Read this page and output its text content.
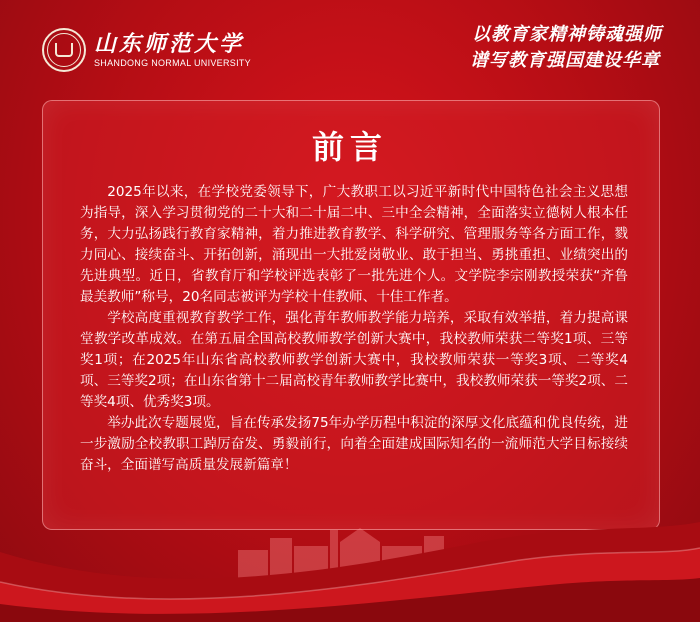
山东师范大学
SHANDONG NORMAL UNIVERSITY
以教育家精神铸魂强师
谱写教育强国建设华章
前言

2025年以来，在学校党委领导下，广大教职工以习近平新时代中国特色社会主义思想为指导，深入学习贯彻党的二十大和二十届二中、三中全会精神，全面落实立德树人根本任务，大力弘扬践行教育家精神，着力推进教育教学、科学研究、管理服务等各方面工作，戮力同心、接续奋斗、开拓创新，涌现出一大批爱岗敬业、敢于担当、勇挑重担、业绩突出的先进典型。近日，省教育厅和学校评选表彰了一批先进个人。文学院李宗刚教授荣获“齐鲁最美教师”称号，20名同志被评为学校十佳教师、十佳工作者。

学校高度重视教育教学工作，强化青年教师教学能力培养，采取有效举措，着力提高课堂教学改革成效。在第五届全国高校教师教学创新大赛中，我校教师荣获二等奖1项、三等奖1项；在2025年山东省高校教师教学创新大赛中，我校教师荣获一等奖3项、二等奖4项、三等奖2项；在山东省第十二届高校青年教师教学比赛中，我校教师荣获一等奖2项、二等奖4项、优秀奖3项。

举办此次专题展览，旨在传承发扬75年办学历程中积淀的深厚文化底蕴和优良传统，进一步激励全校教职工踔厉奋发、勇毅前行，向着全面建成国际知名的一流师范大学目标接续奋斗，全面谱写高质量发展新篇章！
